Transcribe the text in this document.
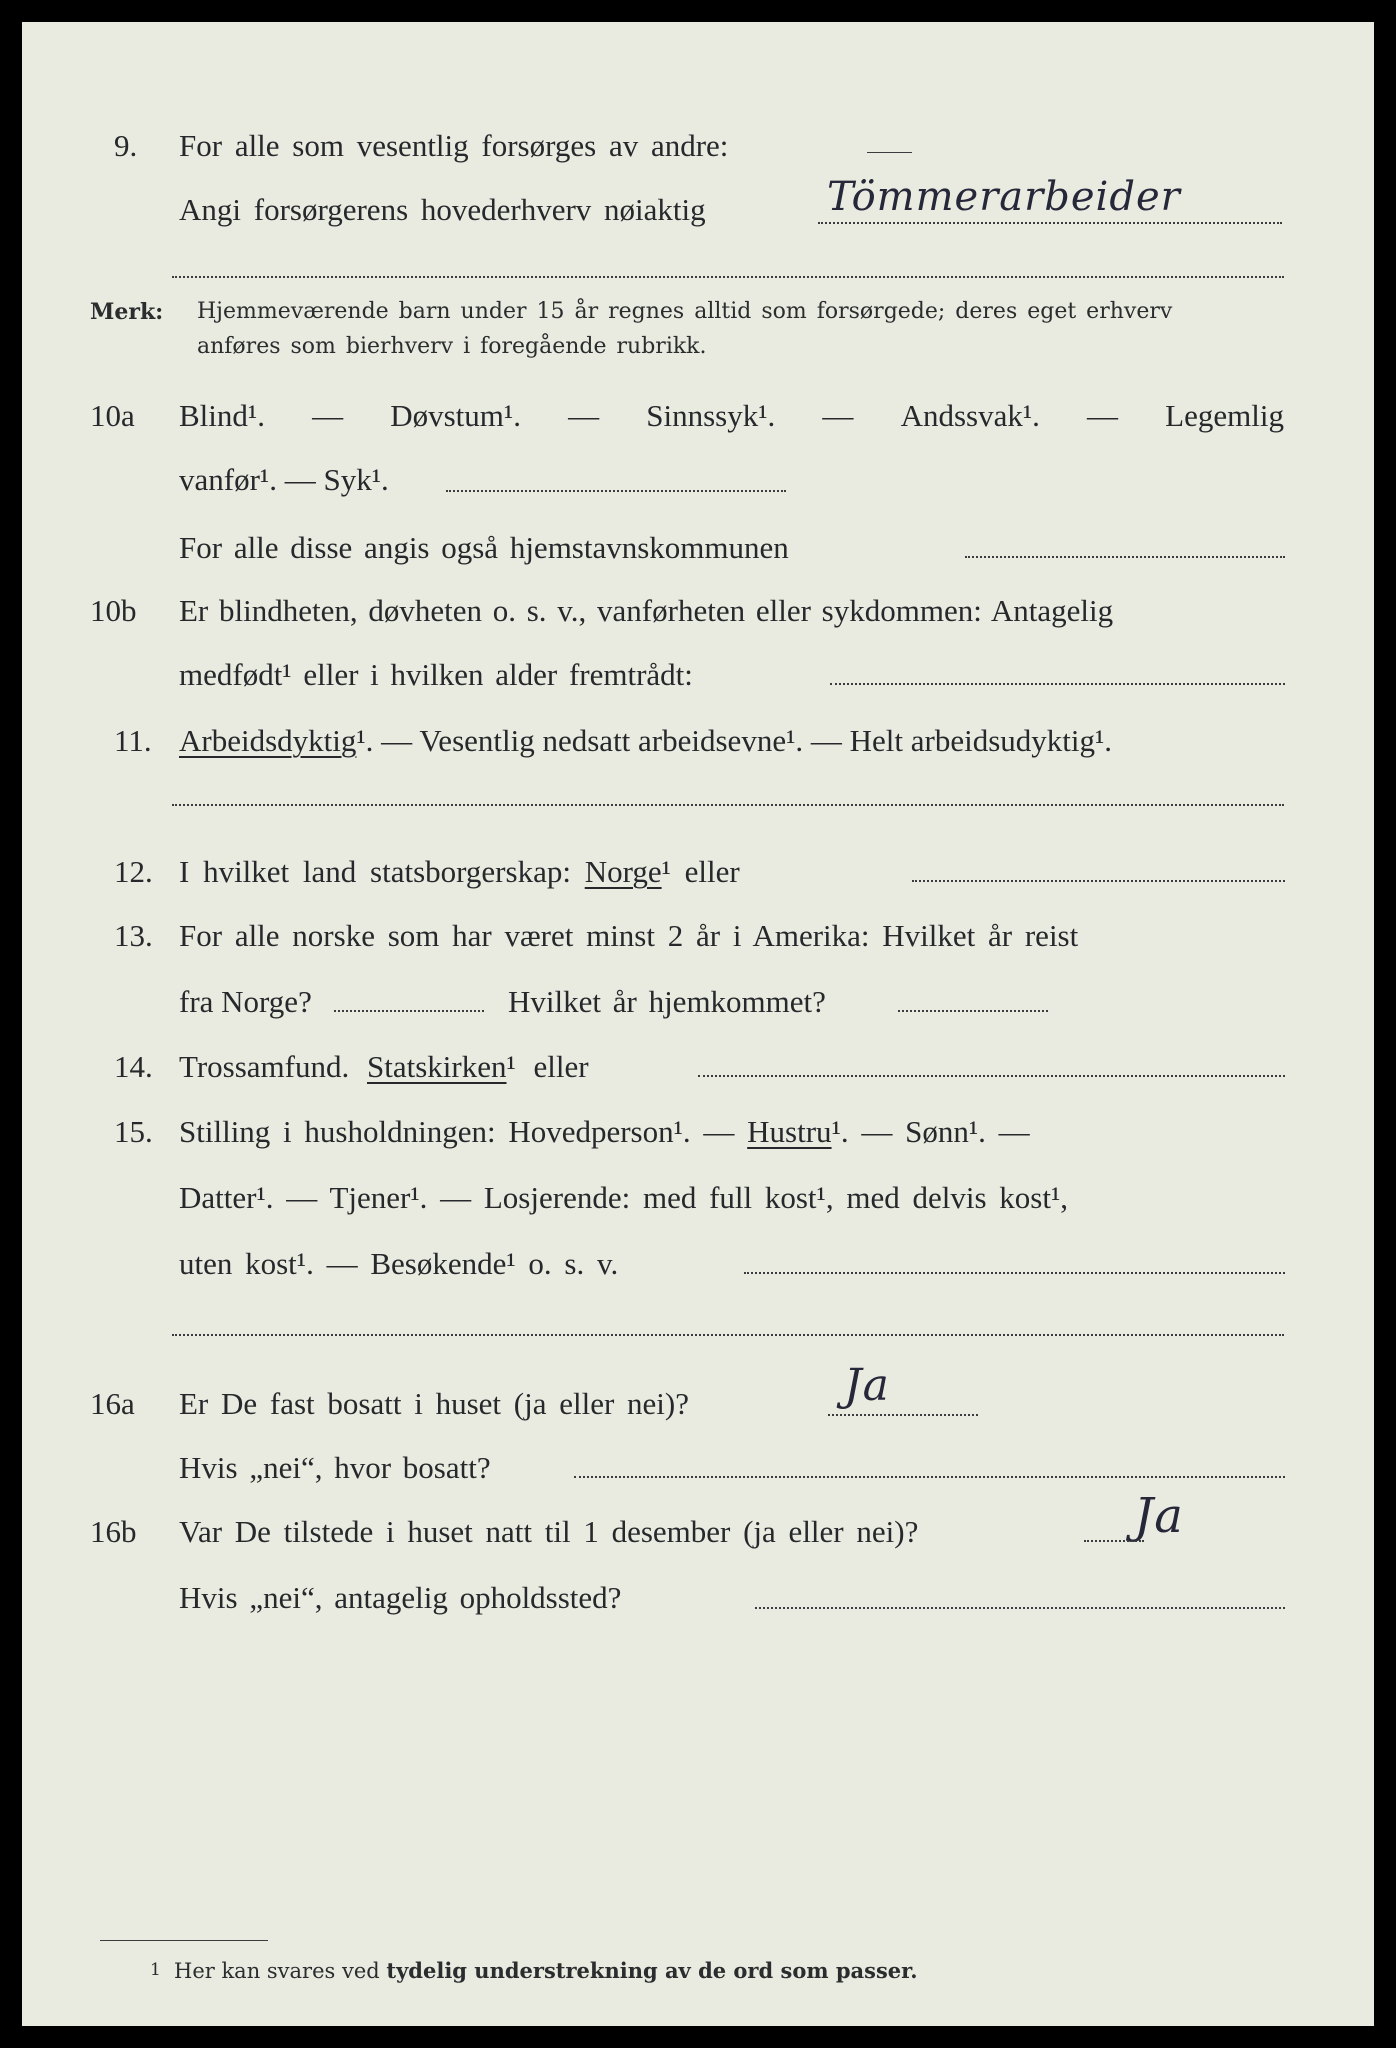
9. For alle som vesentlig forsørges av andre:
Angi forsørgerens hovederhverv nøiaktig	Tömmerarbeider
Merk: Hjemmeværende barn under 15 år regnes alltid som forsørgede; deres eget erhverv
anføres som bierhverv i foregående rubrikk.
10a Blind¹. — Døvstum¹. — Sinnssyk¹. — Andssvak¹. — Legemlig
vanfør¹. — Syk¹.
For alle disse angis også hjemstavnskommunen
10b Er blindheten, døvheten o. s. v., vanførheten eller sykdommen: Antagelig
medfødt¹ eller i hvilken alder fremtrådt:
11. Arbeidsdyktig¹. — Vesentlig nedsatt arbeidsevne¹. — Helt arbeidsudyktig¹.
12. I hvilket land statsborgerskap: Norge¹ eller
13. For alle norske som har været minst 2 år i Amerika: Hvilket år reist
fra Norge?	Hvilket år hjemkommet?
14. Trossamfund. Statskirken¹ eller
15. Stilling i husholdningen: Hovedperson¹. — Hustru¹. — Sønn¹. —
Datter¹. — Tjener¹. — Losjerende: med full kost¹, med delvis kost¹,
uten kost¹. — Besøkende¹ o. s. v.
16a Er De fast bosatt i huset (ja eller nei)?	Ja
Hvis „nei“, hvor bosatt?
16b Var De tilstede i huset natt til 1 desember (ja eller nei)?	Ja
Hvis „nei“, antagelig opholdssted?
1 Her kan svares ved tydelig understrekning av de ord som passer.
